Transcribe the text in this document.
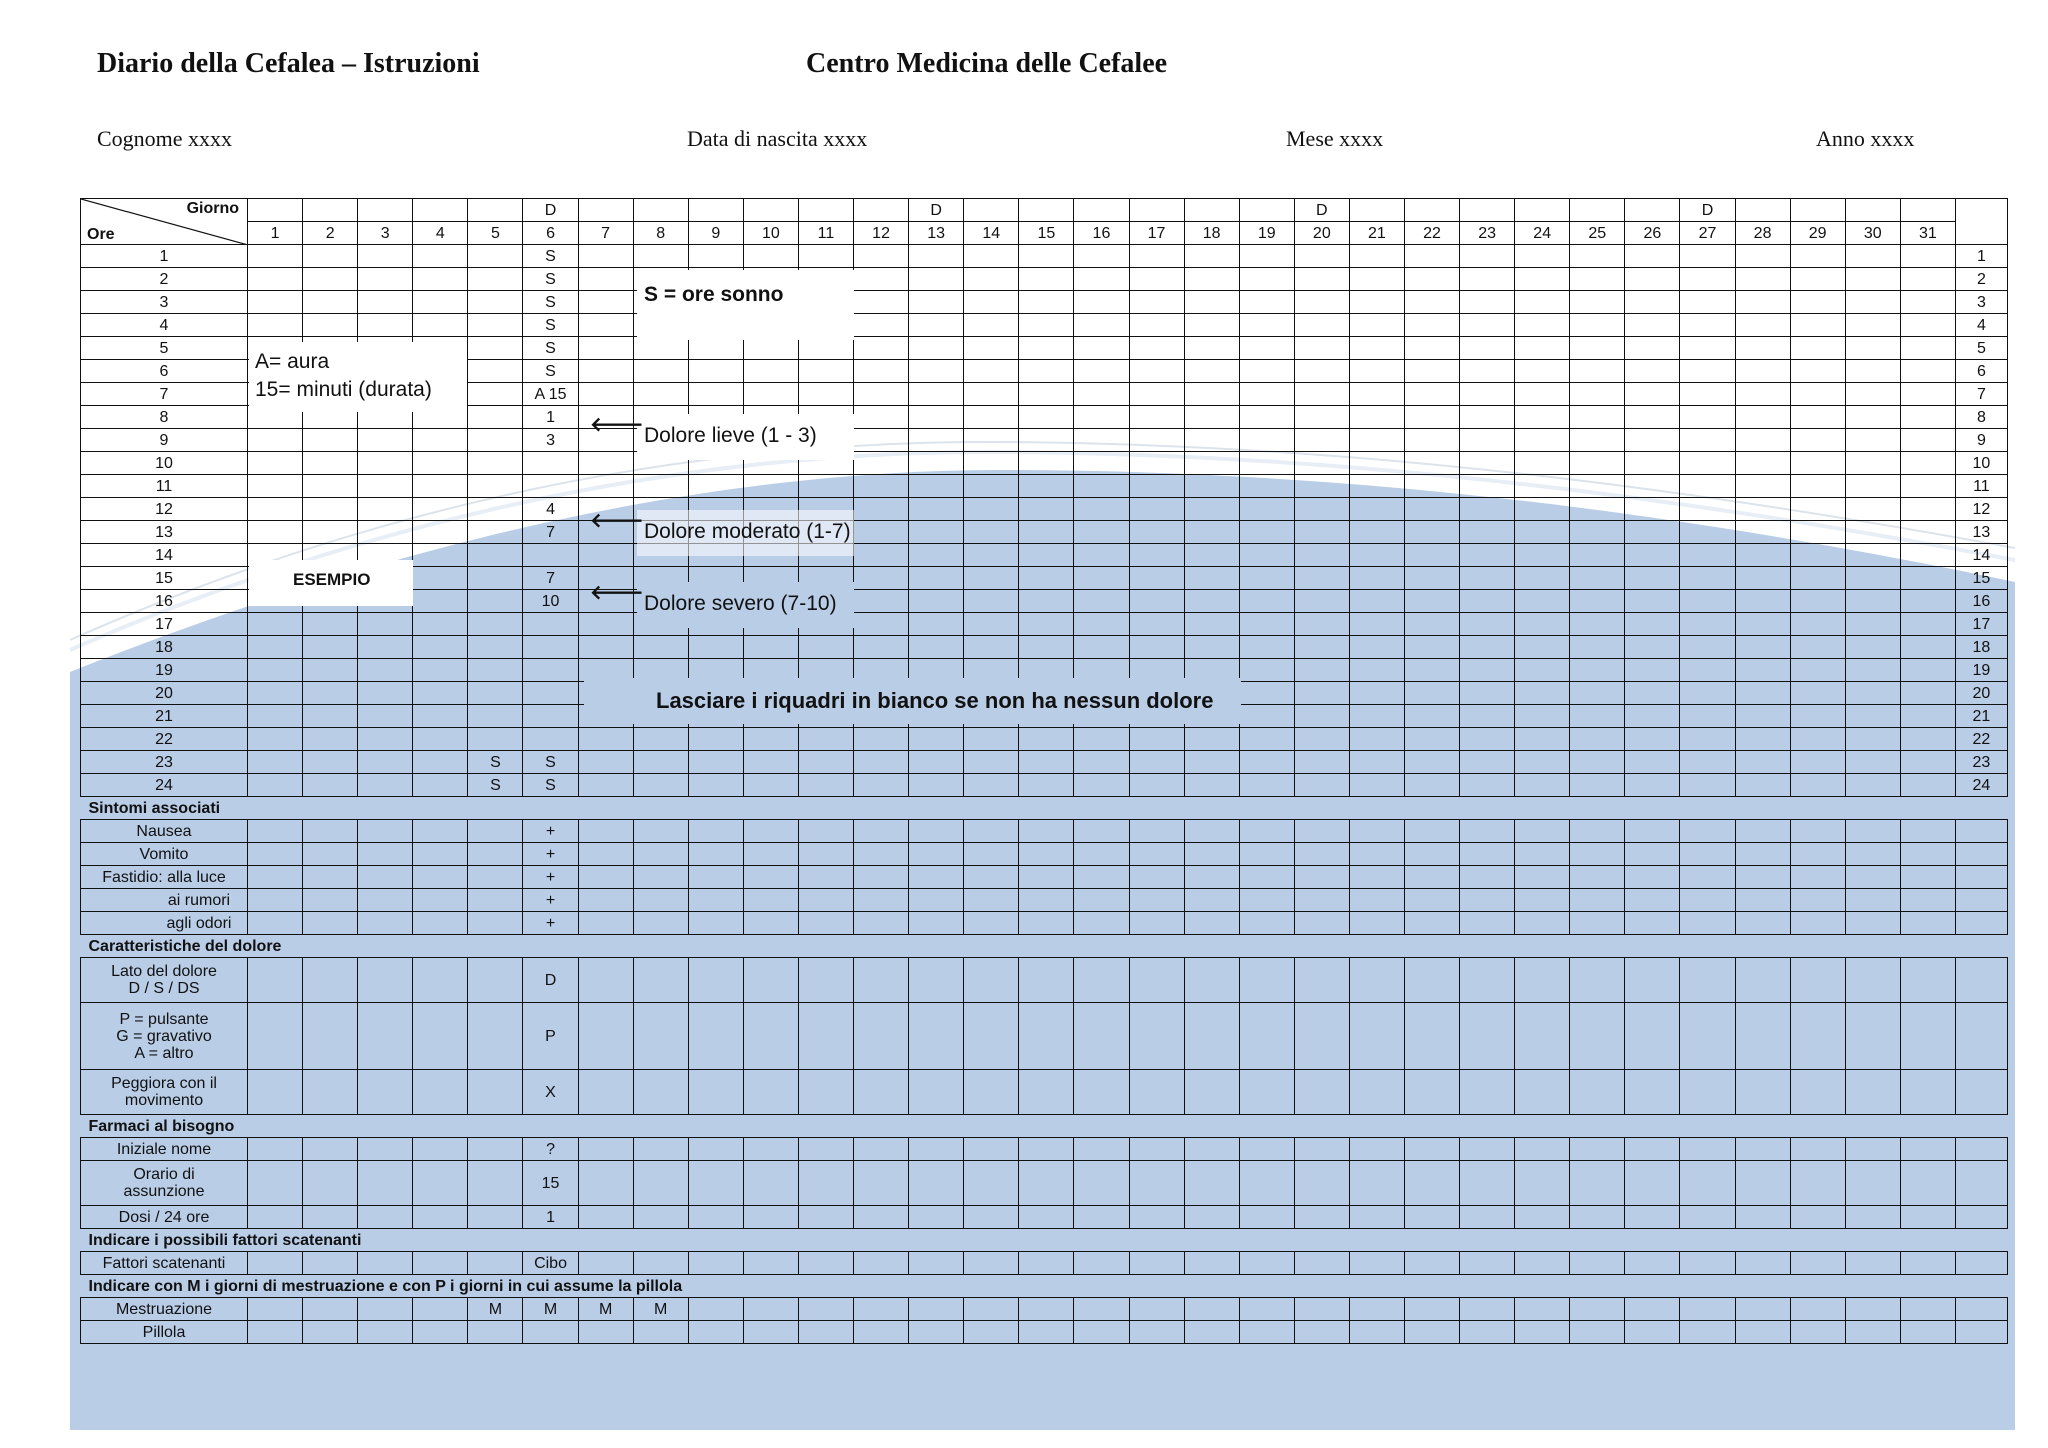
Diario della Cefalea – Istruzioni	Centro Medicina delle Cefalee
Cognome xxxx	Data di nascita xxxx	Mese xxxx	Anno xxxx
Giorno
Ore						D							D							D							D					
	1	2	3	4	5	6	7	8	9	10	11	12	13	14	15	16	17	18	19	20	21	22	23	24	25	26	27	28	29	30	31	
1						S																										1
2						S																										2
3						S																										3
4						S																										4
5						S																										5
6						S																										6
7						A 15																										7
8						1																										8
9						3																										9
10																																10
11																																11
12						4																										12
13						7																										13
14																																14
15						7																										15
16						10																										16
17																																17
18																																18
19																																19
20																																20
21																																21
22																																22
23					S	S																										23
24					S	S																										24
Sintomi associati																																
Nausea						+																										
Vomito						+																										
Fastidio: alla luce						+																										
ai rumori						+																										
agli odori						+																										
Caratteristiche del dolore																																
Lato del dolore
D / S / DS						D																										
P = pulsante
G = gravativo
A = altro						P																										
Peggiora con il
movimento						X																										
Farmaci al bisogno																																
Iniziale nome						?																										
Orario di
assunzione						15																										
Dosi / 24 ore						1																										
Indicare i possibili fattori scatenanti																																
Fattori scatenanti						Cibo																										
Indicare con M i giorni di mestruazione e con P i giorni in cui assume la pillola																																
Mestruazione					M	M	M	M																								
Pillola																																
A= aura
15= minuti (durata)
S = ore sonno
Dolore lieve (1 - 3)
Dolore moderato (1-7)
Dolore severo (7-10)
ESEMPIO
Lasciare i riquadri in bianco se non ha nessun dolore
🡐
🡐
🡐
